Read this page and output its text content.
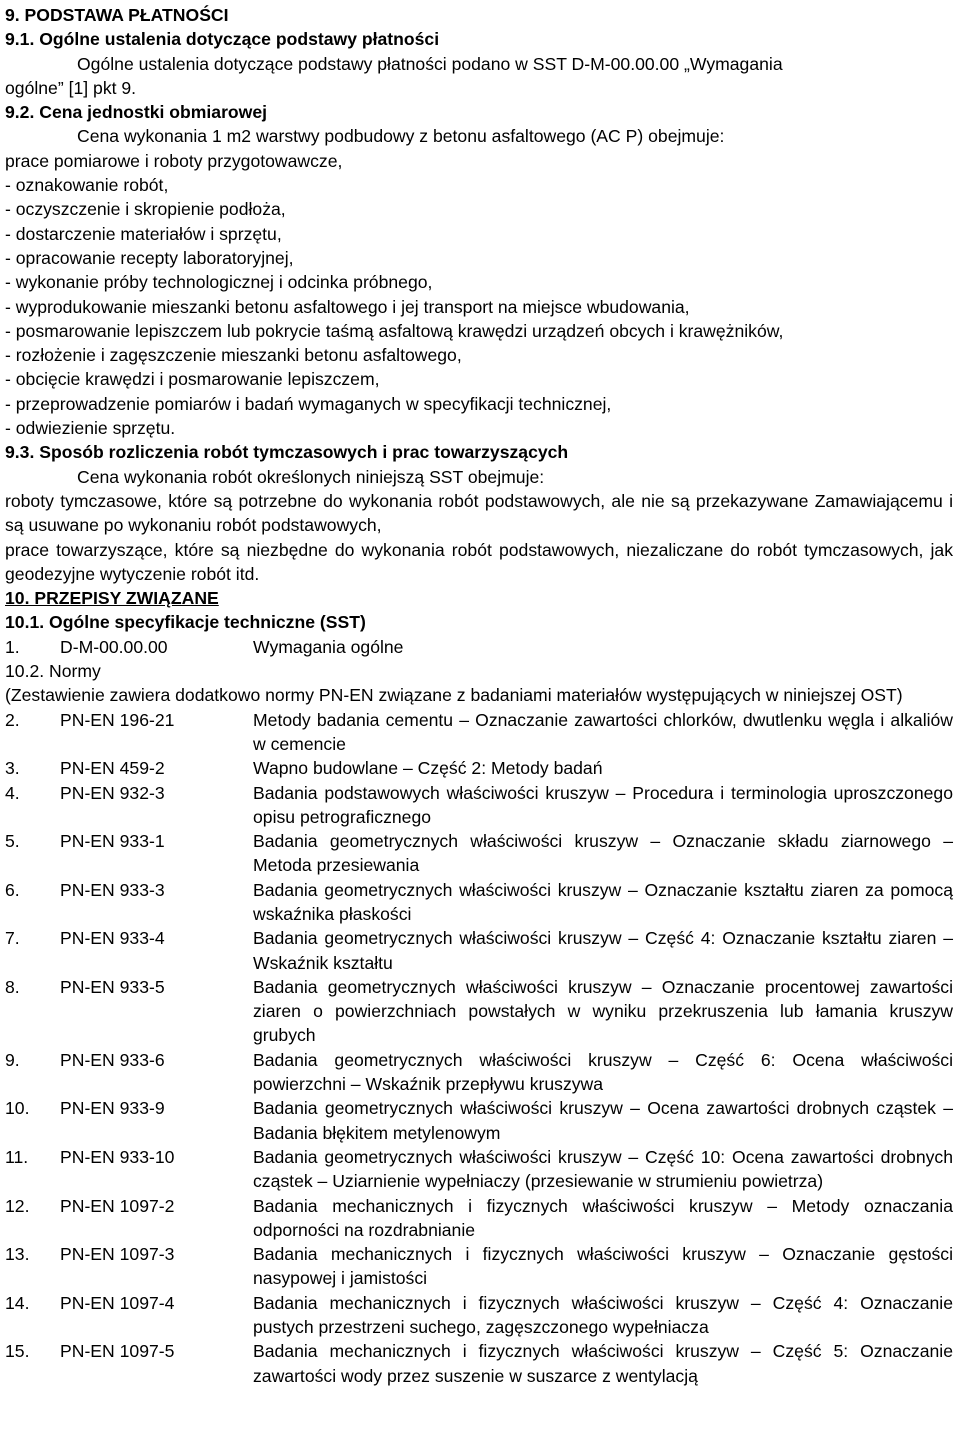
9. PODSTAWA PŁATNOŚCI
9.1. Ogólne ustalenia dotyczące podstawy płatności
Ogólne ustalenia dotyczące podstawy płatności podano w SST D-M-00.00.00 „Wymagania
ogólne” [1] pkt 9.
9.2. Cena jednostki obmiarowej
Cena wykonania 1 m2 warstwy podbudowy z betonu asfaltowego (AC P) obejmuje:
prace pomiarowe i roboty przygotowawcze,
- oznakowanie robót,
- oczyszczenie i skropienie podłoża,
- dostarczenie materiałów i sprzętu,
- opracowanie recepty laboratoryjnej,
- wykonanie próby technologicznej i odcinka próbnego,
- wyprodukowanie mieszanki betonu asfaltowego i jej transport na miejsce wbudowania,
- posmarowanie lepiszczem lub pokrycie taśmą asfaltową krawędzi urządzeń obcych i krawężników,
- rozłożenie i zagęszczenie mieszanki betonu asfaltowego,
- obcięcie krawędzi i posmarowanie lepiszczem,
- przeprowadzenie pomiarów i badań wymaganych w specyfikacji technicznej,
- odwiezienie sprzętu.
9.3. Sposób rozliczenia robót tymczasowych i prac towarzyszących
Cena wykonania robót określonych niniejszą SST obejmuje:
roboty tymczasowe, które są potrzebne do wykonania robót podstawowych, ale nie są przekazywane Zamawiającemu i są usuwane po wykonaniu robót podstawowych,
prace towarzyszące, które są niezbędne do wykonania robót podstawowych, niezaliczane do robót tymczasowych, jak geodezyjne wytyczenie robót itd.
10. PRZEPISY ZWIĄZANE
10.1. Ogólne specyfikacje techniczne (SST)
1.	D-M-00.00.00	Wymagania ogólne
10.2. Normy
(Zestawienie zawiera dodatkowo normy PN-EN związane z badaniami materiałów występujących w niniejszej OST)
2.	PN-EN 196-21	Metody badania cementu – Oznaczanie zawartości chlorków, dwutlenku węgla i alkaliów w cemencie
3.	PN-EN 459-2	Wapno budowlane – Część 2: Metody badań
4.	PN-EN 932-3	Badania podstawowych właściwości kruszyw – Procedura i terminologia uproszczonego opisu petrograficznego
5.	PN-EN 933-1	Badania geometrycznych właściwości kruszyw – Oznaczanie składu ziarnowego – Metoda przesiewania
6.	PN-EN 933-3	Badania geometrycznych właściwości kruszyw – Oznaczanie kształtu ziaren za pomocą wskaźnika płaskości
7.	PN-EN 933-4	Badania geometrycznych właściwości kruszyw – Część 4: Oznaczanie kształtu ziaren – Wskaźnik kształtu
8.	PN-EN 933-5	Badania geometrycznych właściwości kruszyw – Oznaczanie procentowej zawartości ziaren o powierzchniach powstałych w wyniku przekruszenia lub łamania kruszyw grubych
9.	PN-EN 933-6	Badania geometrycznych właściwości kruszyw – Część 6: Ocena właściwości powierzchni – Wskaźnik przepływu kruszywa
10.	PN-EN 933-9	Badania geometrycznych właściwości kruszyw – Ocena zawartości drobnych cząstek – Badania błękitem metylenowym
11.	PN-EN 933-10	Badania geometrycznych właściwości kruszyw – Część 10: Ocena zawartości drobnych cząstek – Uziarnienie wypełniaczy (przesiewanie w strumieniu powietrza)
12.	PN-EN 1097-2	Badania mechanicznych i fizycznych właściwości kruszyw – Metody oznaczania odporności na rozdrabnianie
13.	PN-EN 1097-3	Badania mechanicznych i fizycznych właściwości kruszyw – Oznaczanie gęstości nasypowej i jamistości
14.	PN-EN 1097-4	Badania mechanicznych i fizycznych właściwości kruszyw – Część 4: Oznaczanie pustych przestrzeni suchego, zagęszczonego wypełniacza
15.	PN-EN 1097-5	Badania mechanicznych i fizycznych właściwości kruszyw – Część 5: Oznaczanie zawartości wody przez suszenie w suszarce z wentylacją
